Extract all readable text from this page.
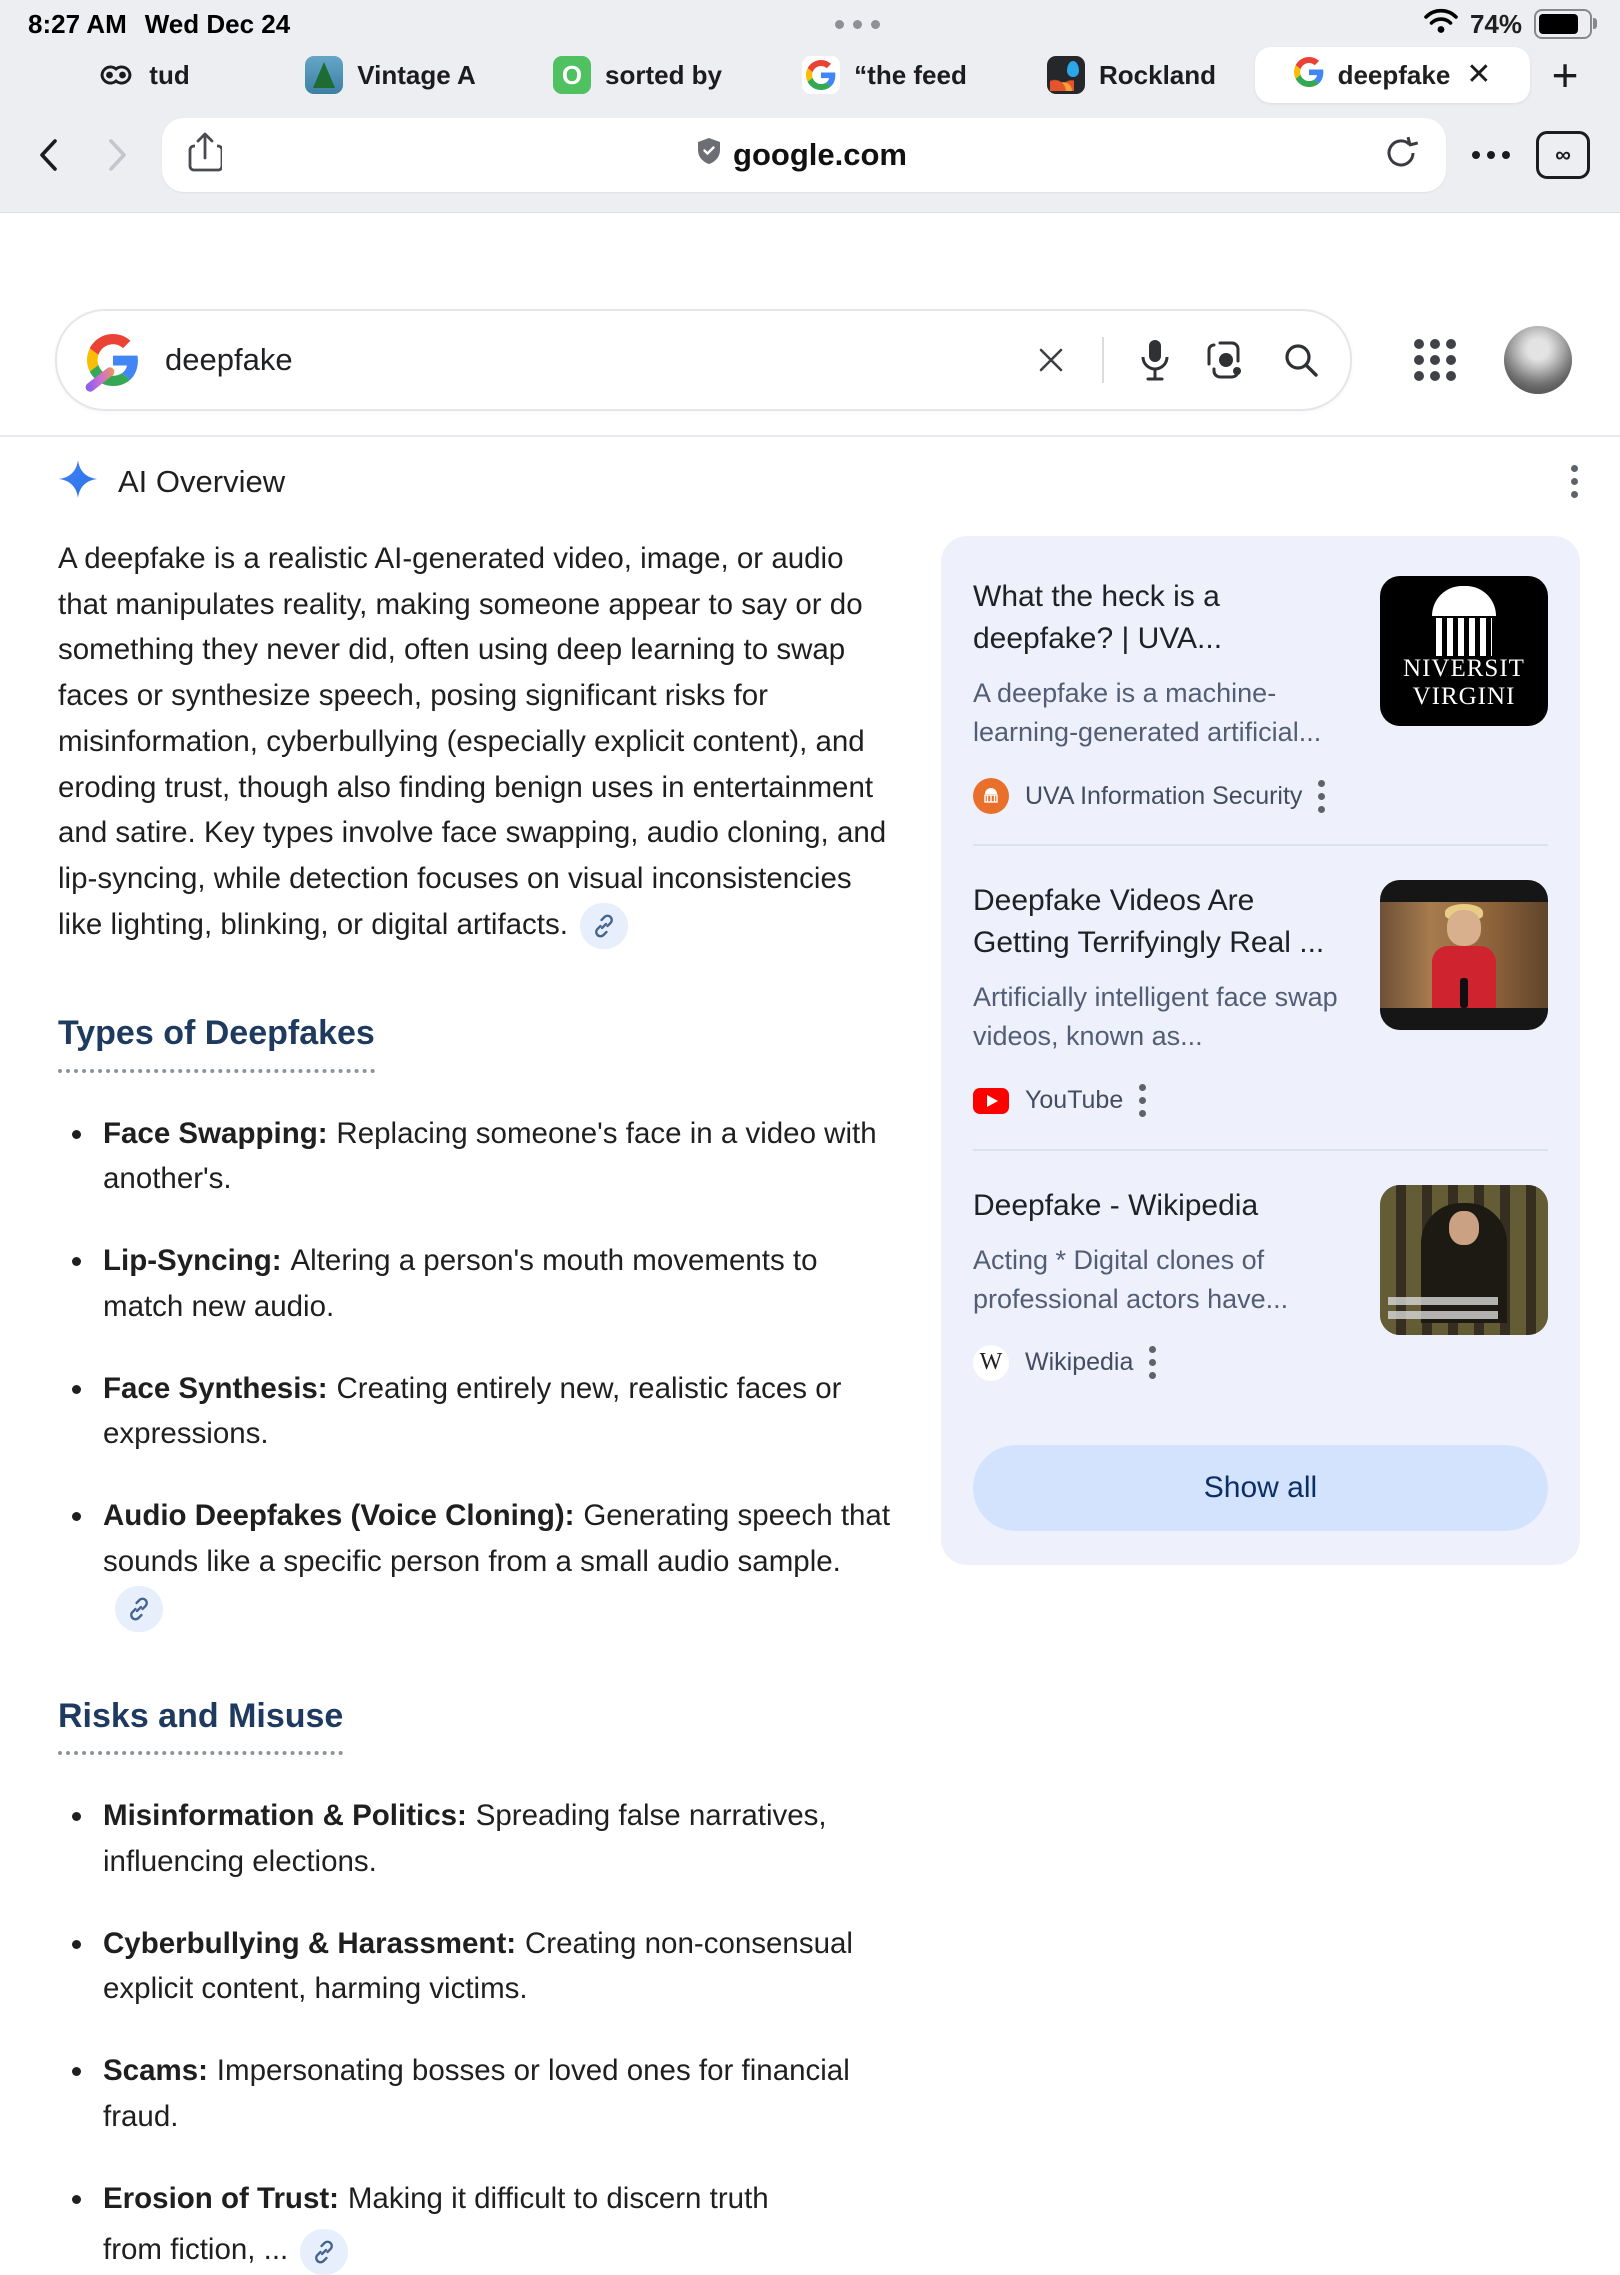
8:27 AM Wed Dec 24	74%
tud	Vintage A	O sorted by	“the feed	Rockland	deepfake ✕	+
google.com	∞
deepfake
AI Overview
A deepfake is a realistic AI-generated video, image, or audio that manipulates reality, making someone appear to say or do something they never did, often using deep learning to swap faces or synthesize speech, posing significant risks for misinformation, cyberbullying (especially explicit content), and eroding trust, though also finding benign uses in entertainment and satire. Key types involve face swapping, audio cloning, and lip-syncing, while detection focuses on visual inconsistencies like lighting, blinking, or digital artifacts.
Types of Deepfakes
Face Swapping: Replacing someone's face in a video with another's.
Lip-Syncing: Altering a person's mouth movements to match new audio.
Face Synthesis: Creating entirely new, realistic faces or expressions.
Audio Deepfakes (Voice Cloning): Generating speech that sounds like a specific person from a small audio sample.
Risks and Misuse
Misinformation & Politics: Spreading false narratives, influencing elections.
Cyberbullying & Harassment: Creating non-consensual explicit content, harming victims.
Scams: Impersonating bosses or loved ones for financial fraud.
Erosion of Trust: Making it difficult to discern truth
from fiction, ...
What the heck is a deepfake? | UVA...
A deepfake is a machine-learning-generated artificial...
UVA Information Security
NIVERSIT
VIRGINI
Deepfake Videos Are Getting Terrifyingly Real ...
Artificially intelligent face swap videos, known as...
YouTube
Deepfake - Wikipedia
Acting * Digital clones of professional actors have...
W Wikipedia
Show all
